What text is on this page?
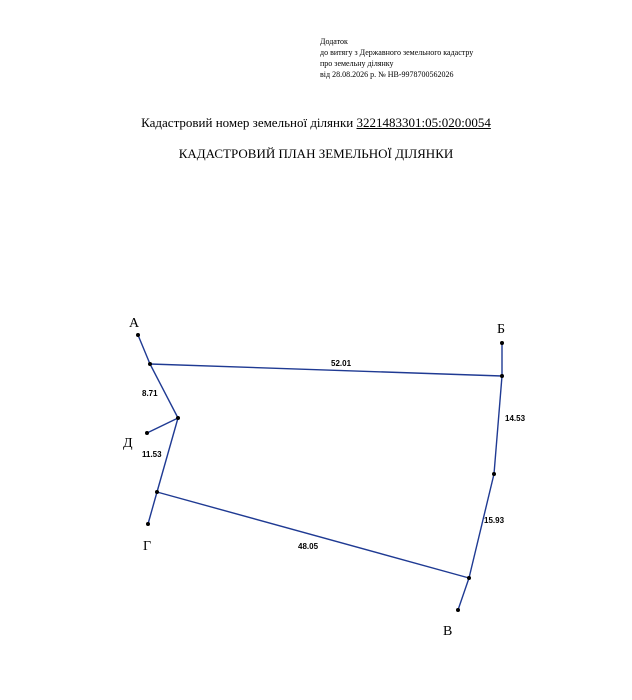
Додаток
до витягу з Державного земельного кадастру
про земельну ділянку
від 28.08.2026 р. № НВ-9978700562026
Кадастровий номер земельної ділянки 3221483301:05:020:0054
КАДАСТРОВИЙ ПЛАН ЗЕМЕЛЬНОЇ ДІЛЯНКИ
А	Б
В
Г
Д
52.01
14.53
15.93
48.05
11.53
8.71
